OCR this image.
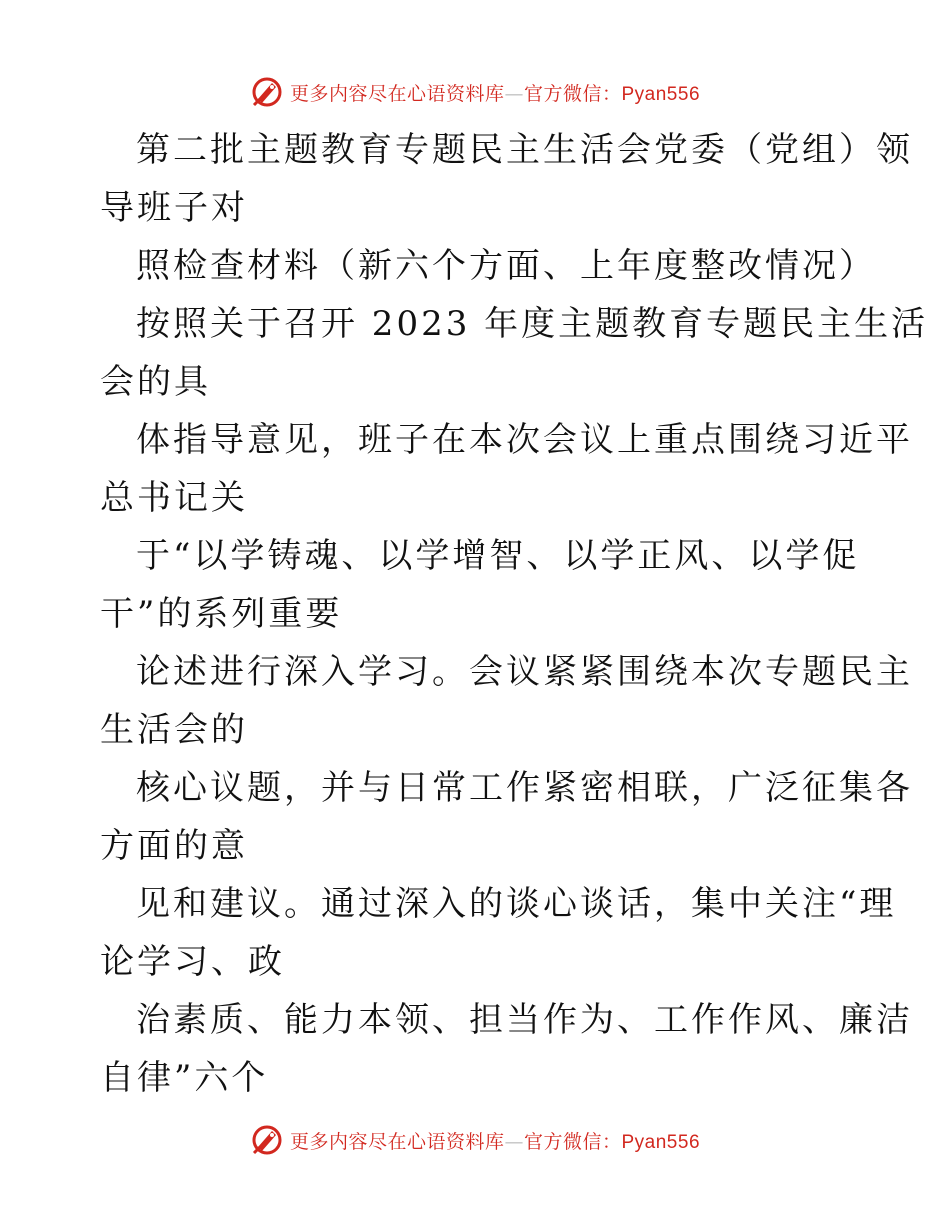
更多内容尽在心语资料库—官方微信：Pyan556
第二批主题教育专题民主生活会党委（党组）领
导班子对
照检查材料（新六个方面、上年度整改情况）
按照关于召开 2023 年度主题教育专题民主生活
会的具
体指导意见，班子在本次会议上重点围绕习近平
总书记关
于“以学铸魂、以学增智、以学正风、以学促
干”的系列重要
论述进行深入学习。会议紧紧围绕本次专题民主
生活会的
核心议题，并与日常工作紧密相联，广泛征集各
方面的意
见和建议。通过深入的谈心谈话，集中关注“理
论学习、政
治素质、能力本领、担当作为、工作作风、廉洁
自律”六个
更多内容尽在心语资料库—官方微信：Pyan556
